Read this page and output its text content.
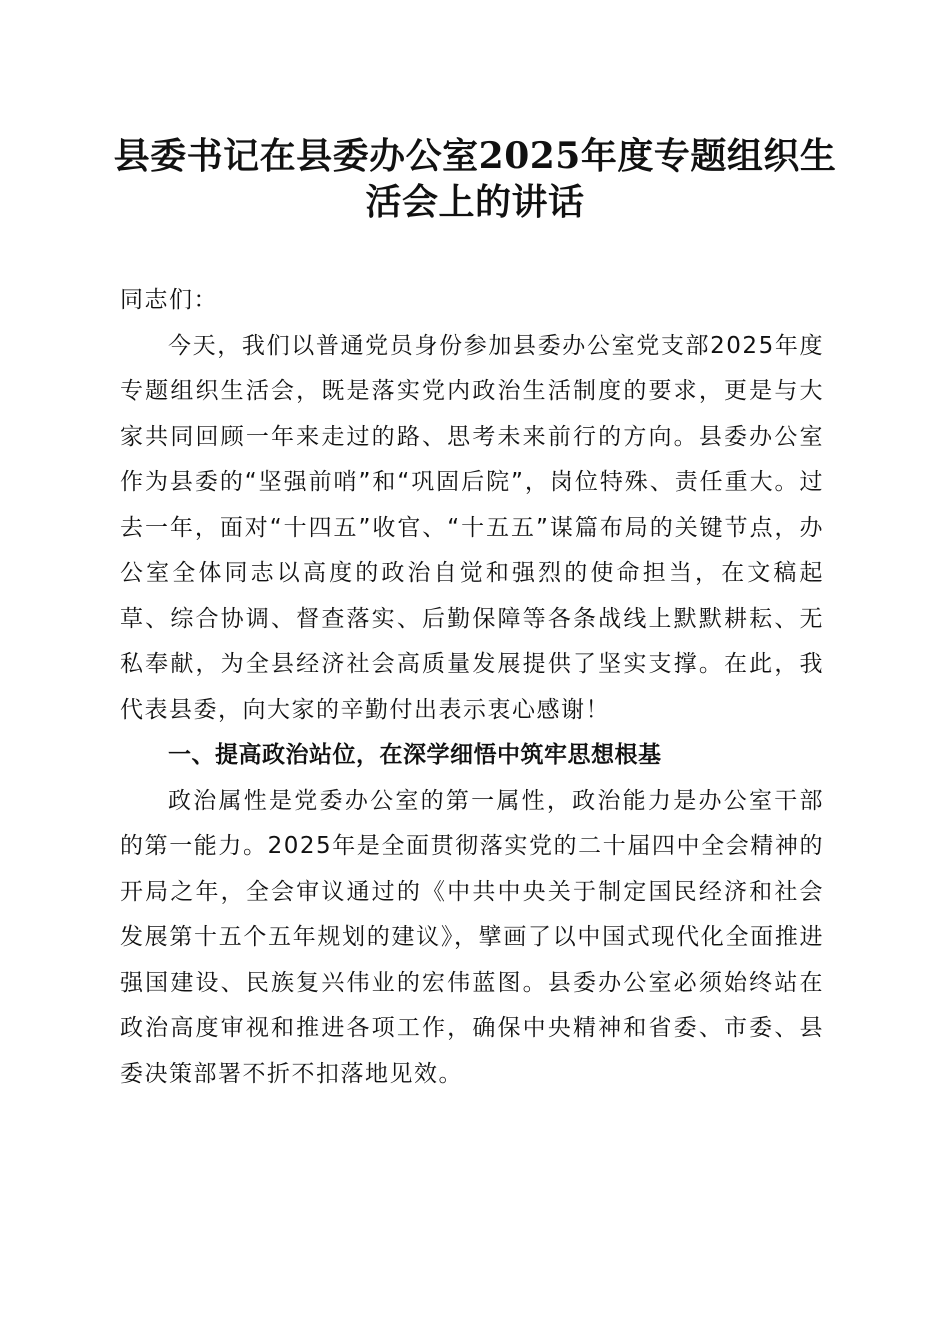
县委书记在县委办公室2025年度专题组织生
活会上的讲话

同志们：

今天，我们以普通党员身份参加县委办公室党支部2025年度专题组织生活会，既是落实党内政治生活制度的要求，更是与大家共同回顾一年来走过的路、思考未来前行的方向。县委办公室作为县委的“坚强前哨”和“巩固后院”，岗位特殊、责任重大。过去一年，面对“十四五”收官、“十五五”谋篇布局的关键节点，办公室全体同志以高度的政治自觉和强烈的使命担当，在文稿起草、综合协调、督查落实、后勤保障等各条战线上默默耕耘、无私奉献，为全县经济社会高质量发展提供了坚实支撑。在此，我代表县委，向大家的辛勤付出表示衷心感谢！

一、提高政治站位，在深学细悟中筑牢思想根基

政治属性是党委办公室的第一属性，政治能力是办公室干部的第一能力。2025年是全面贯彻落实党的二十届四中全会精神的开局之年，全会审议通过的《中共中央关于制定国民经济和社会发展第十五个五年规划的建议》，擘画了以中国式现代化全面推进强国建设、民族复兴伟业的宏伟蓝图。县委办公室必须始终站在政治高度审视和推进各项工作，确保中央精神和省委、市委、县委决策部署不折不扣落地见效。
